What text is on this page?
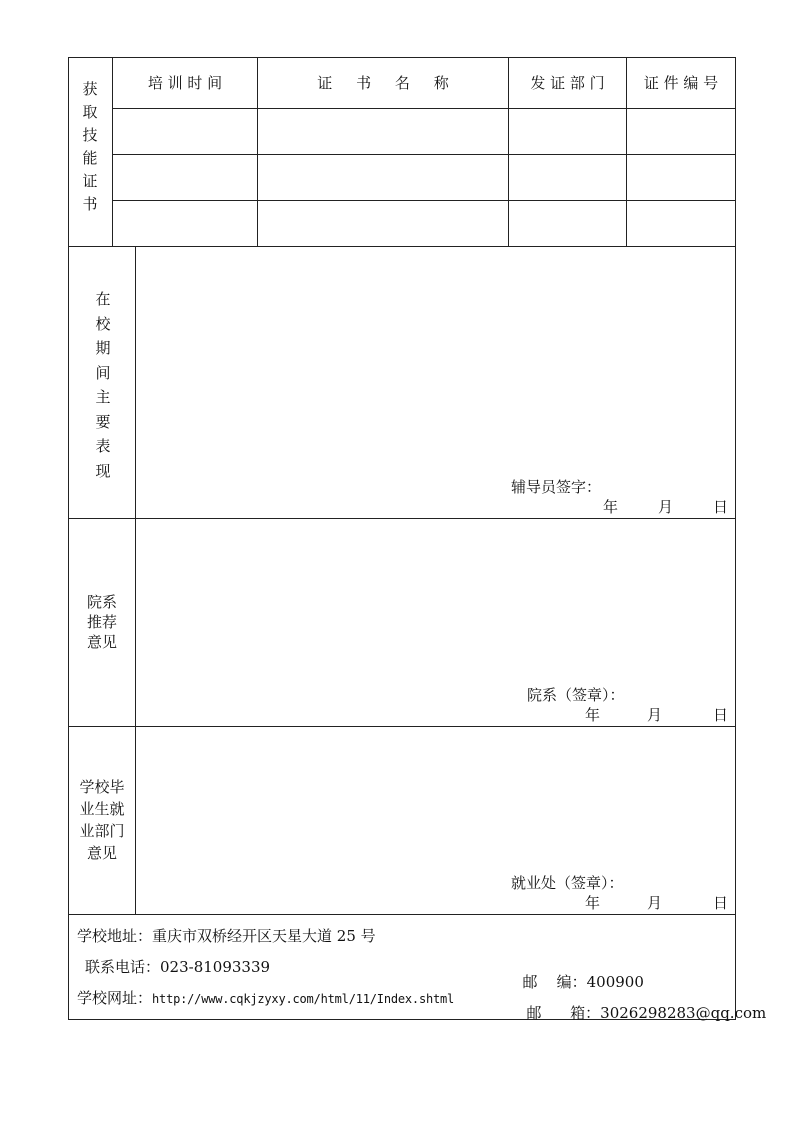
获
取
技
能
证
书
培 训 时 间	证     书     名     称	发 证 部 门	证 件 编 号
在
校
期
间
主
要
表
现
辅导员签字：
年	月	日
院系
推荐
意见
院系（签章）：
年	月	日
学校毕
业生就
业部门
意见
就业处（签章）：
年	月	日
学校地址：重庆市双桥经开区天星大道 25 号
联系电话：023-81093339

邮    编：400900

学校网址：http://www.cqkjzyxy.com/html/11/Index.shtml

邮      箱：3026298283@qq.com
